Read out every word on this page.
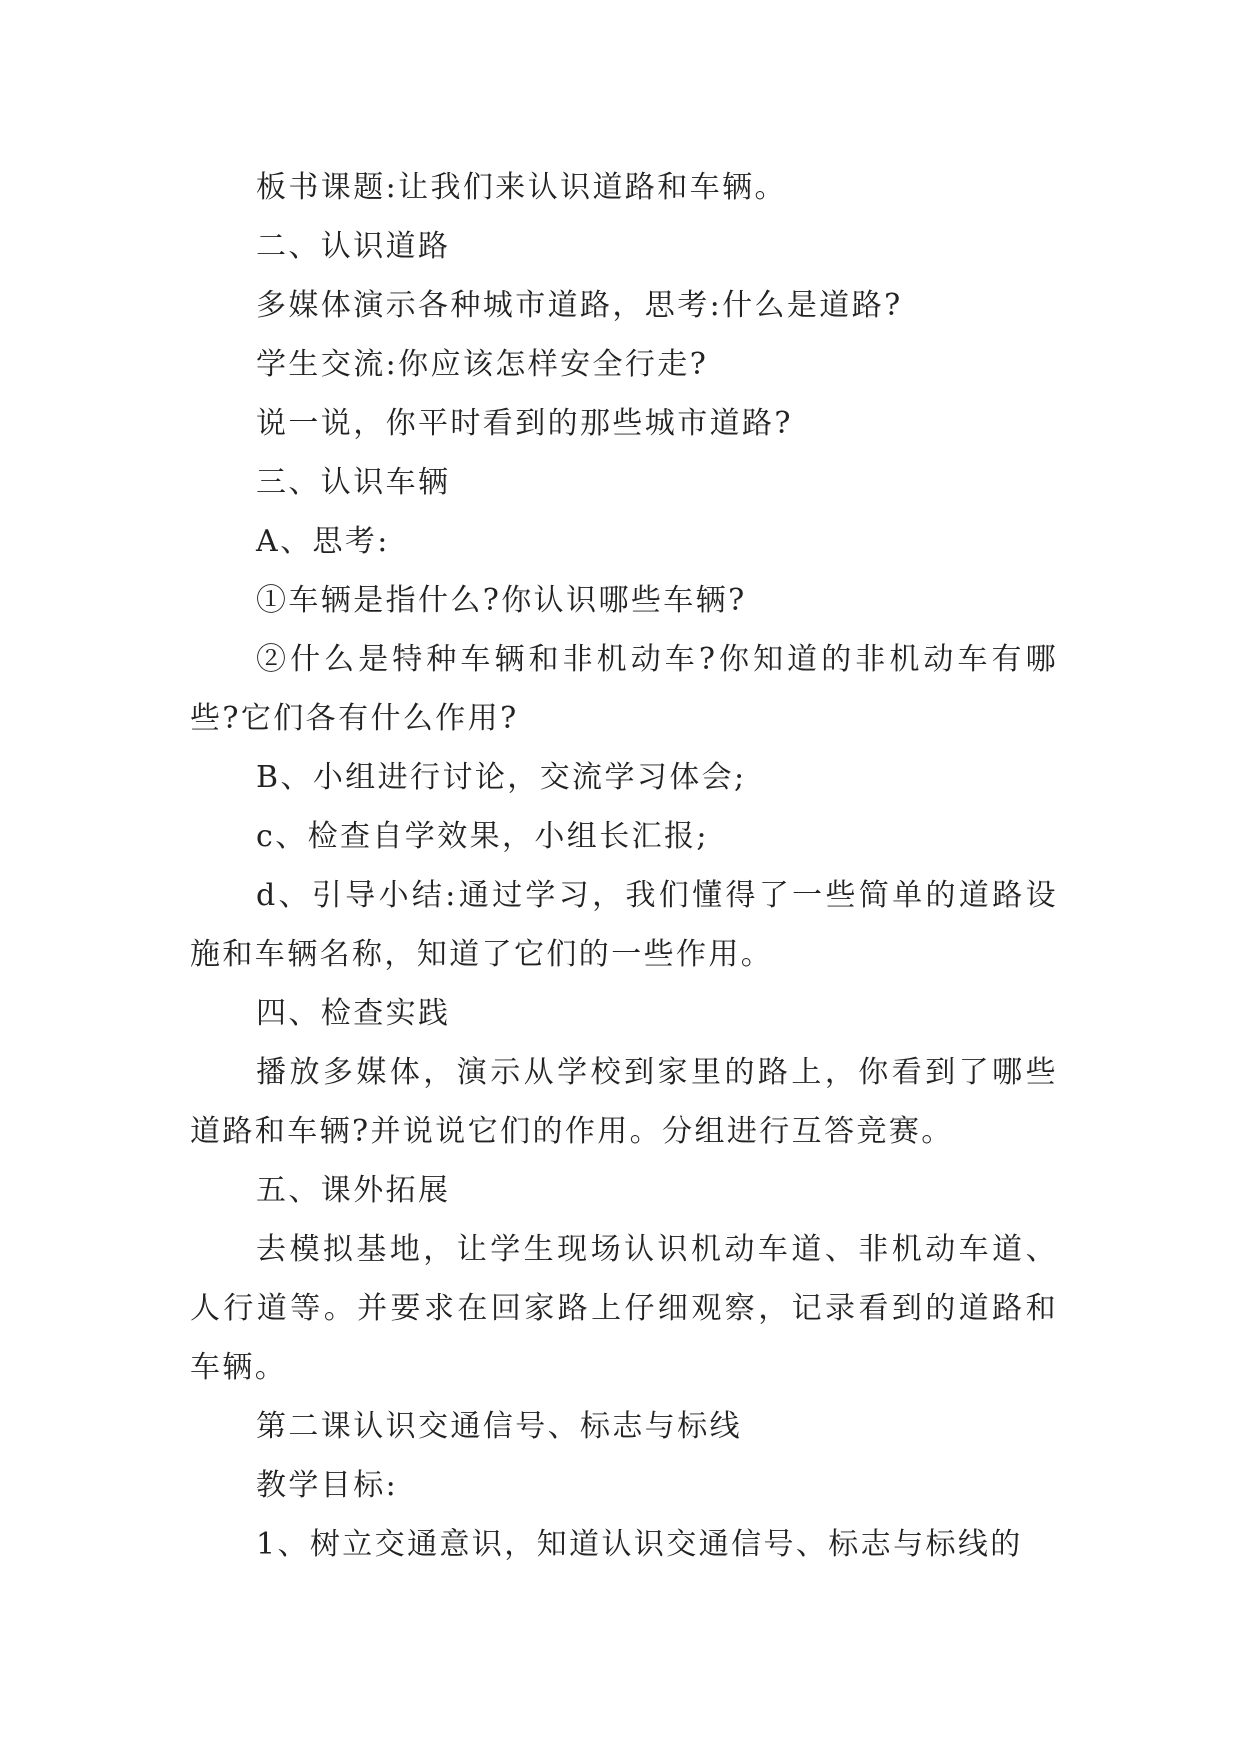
板书课题:让我们来认识道路和车辆。

二、认识道路

多媒体演示各种城市道路，思考:什么是道路?

学生交流:你应该怎样安全行走?

说一说，你平时看到的那些城市道路?

三、认识车辆

A、思考:

①车辆是指什么?你认识哪些车辆?

②什么是特种车辆和非机动车?你知道的非机动车有哪些?它们各有什么作用?

B、小组进行讨论，交流学习体会;

c、检查自学效果，小组长汇报;

d、引导小结:通过学习，我们懂得了一些简单的道路设施和车辆名称，知道了它们的一些作用。

四、检查实践

播放多媒体，演示从学校到家里的路上，你看到了哪些道路和车辆?并说说它们的作用。分组进行互答竞赛。

五、课外拓展

去模拟基地，让学生现场认识机动车道、非机动车道、人行道等。并要求在回家路上仔细观察，记录看到的道路和车辆。

第二课认识交通信号、标志与标线

教学目标:

1、树立交通意识，知道认识交通信号、标志与标线的
